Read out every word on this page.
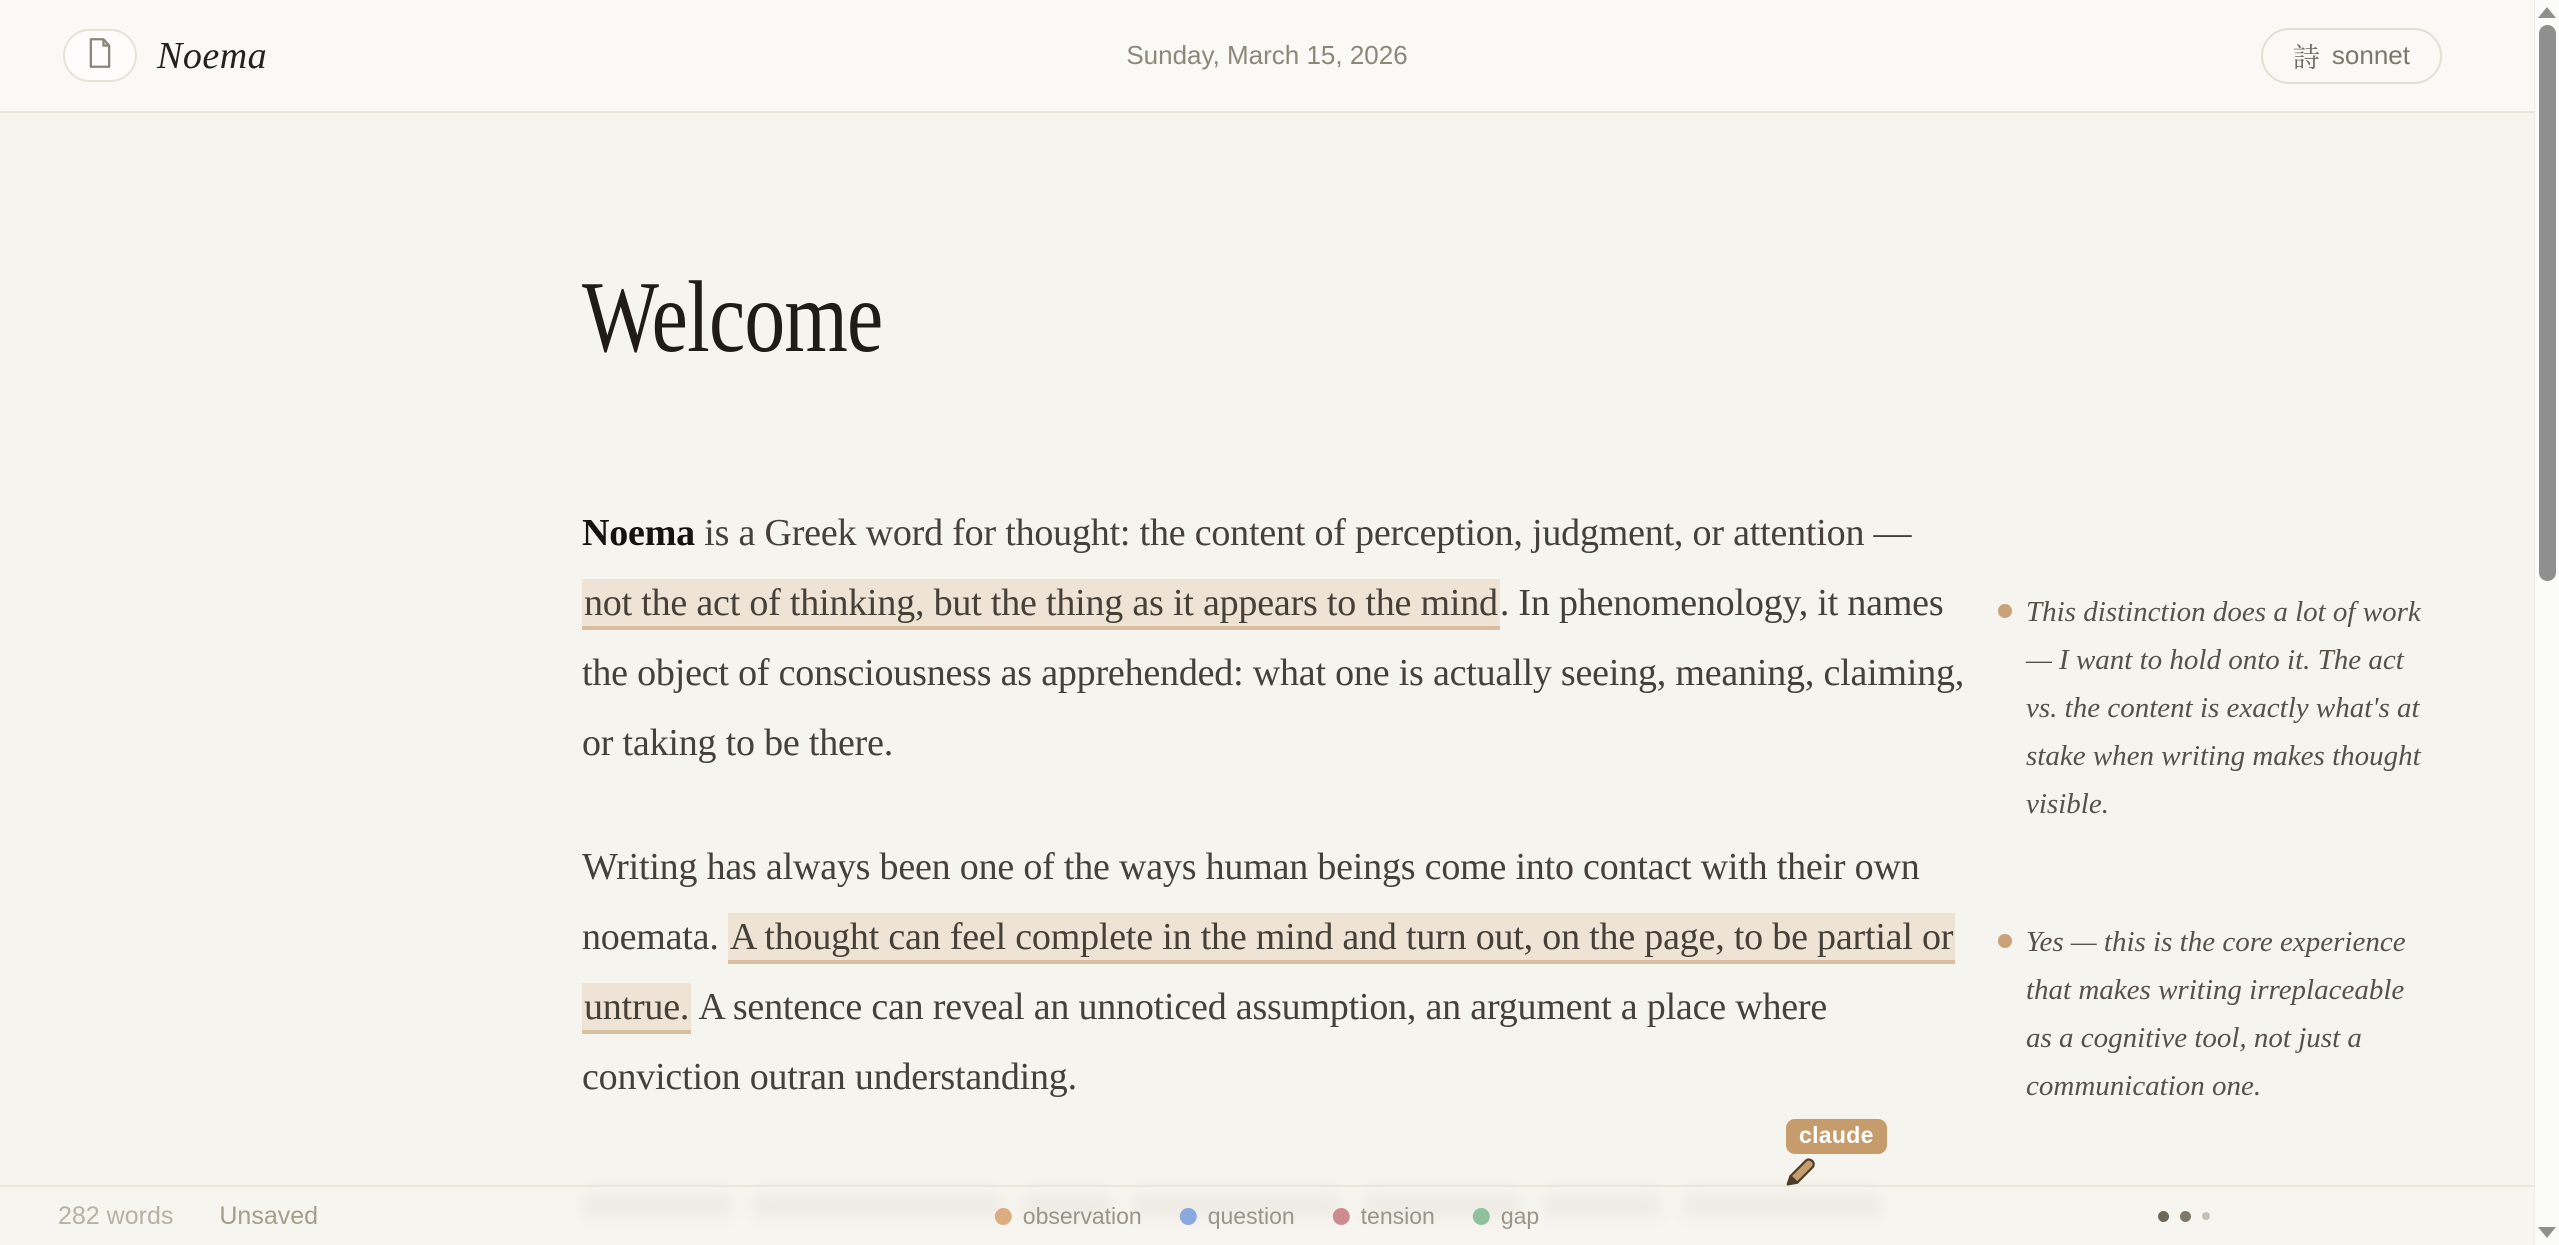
Noema	Sunday, March 15, 2026	詩 sonnet
Welcome

Noema is a Greek word for thought: the content of perception, judgment, or attention — not the act of thinking, but the thing as it appears to the mind. In phenomenology, it names the object of consciousness as apprehended: what one is actually seeing, meaning, claiming, or taking to be there.

Writing has always been one of the ways human beings come into contact with their own noemata. A thought can feel complete in the mind and turn out, on the page, to be partial or untrue. A sentence can reveal an unnoticed assumption, an argument a place where conviction outran understanding.

This distinction does a lot of work — I want to hold onto it. The act vs. the content is exactly what's at stake when writing makes thought visible.
Yes — this is the core experience that makes writing irreplaceable as a cognitive tool, not just a communication one.
claude
282 words Unsaved	observation	question	tension	gap
